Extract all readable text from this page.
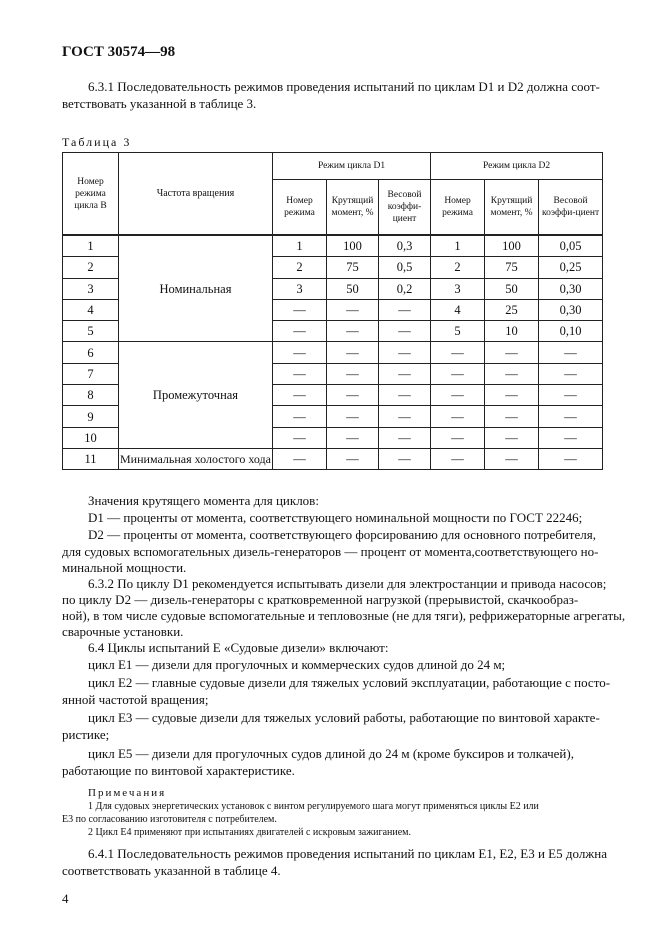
ГОСТ 30574—98
6.3.1 Последовательность режимов проведения испытаний по циклам D1 и D2 должна соот-
ветствовать указанной в таблице 3.
Таблица 3
Номер режима цикла B	Частота вращения	Режим цикла D1			Режим цикла D2		
		Номер режима	Крутящий момент, %	Весовой коэффи-циент	Номер режима	Крутящий момент, %	Весовой коэффи-циент
1	Номинальная	1	100	0,3	1	100	0,05
2		2	75	0,5	2	75	0,25
3		3	50	0,2	3	50	0,30
4		—	—	—	4	25	0,30
5		—	—	—	5	10	0,10
6	Промежуточная	—	—	—	—	—	—
7		—	—	—	—	—	—
8		—	—	—	—	—	—
9		—	—	—	—	—	—
10		—	—	—	—	—	—
11	Минимальная холостого хода	—	—	—	—	—	—
Значения крутящего момента для циклов:
D1 — проценты от момента, соответствующего номинальной мощности по ГОСТ 22246;
D2 — проценты от момента, соответствующего форсированию для основного потребителя,
для судовых вспомогательных дизель-генераторов — процент от момента,соответствующего но-
минальной мощности.
6.3.2 По циклу D1 рекомендуется испытывать дизели для электростанции и привода насосов;
по циклу D2 — дизель-генераторы с кратковременной нагрузкой (прерывистой, скачкообраз-
ной), в том числе судовые вспомогательные и тепловозные (не для тяги), рефрижераторные агрегаты,
сварочные установки.
6.4 Циклы испытаний E «Судовые дизели» включают:
цикл E1 — дизели для прогулочных и коммерческих судов длиной до 24 м;
цикл E2 — главные судовые дизели для тяжелых условий эксплуатации, работающие с посто-
янной частотой вращения;
цикл E3 — судовые дизели для тяжелых условий работы, работающие по винтовой характе-
ристике;
цикл E5 — дизели для прогулочных судов длиной до 24 м (кроме буксиров и толкачей),
работающие по винтовой характеристике.
Примечания
1 Для судовых энергетических установок с винтом регулируемого шага могут применяться циклы E2 или
E3 по согласованию изготовителя с потребителем.
2 Цикл E4 применяют при испытаниях двигателей с искровым зажиганием.
6.4.1 Последовательность режимов проведения испытаний по циклам E1, E2, E3 и E5 должна
соответствовать указанной в таблице 4.
4
